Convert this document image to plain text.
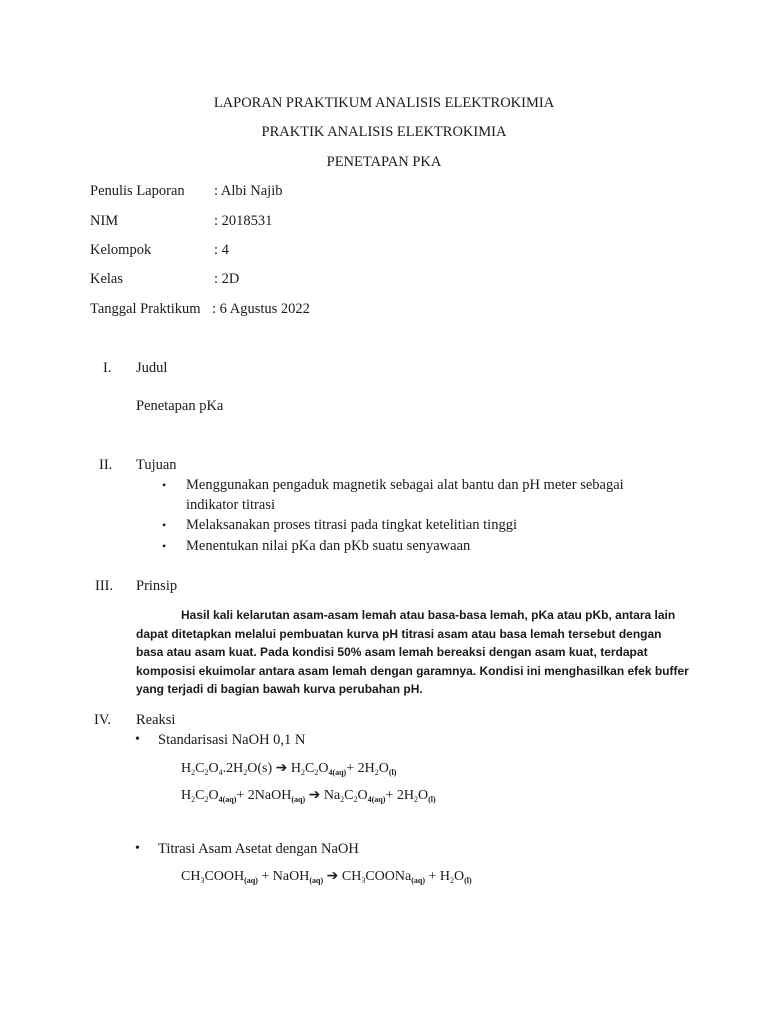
LAPORAN PRAKTIKUM ANALISIS ELEKTROKIMIA
PRAKTIK ANALISIS ELEKTROKIMIA
PENETAPAN PKA
Penulis Laporan : Albi Najib
NIM	: 2018531
Kelompok	: 4
Kelas	: 2D
Tanggal Praktikum : 6 Agustus 2022
I. Judul
Penetapan pKa
II. Tujuan
• Menggunakan pengaduk magnetik sebagai alat bantu dan pH meter sebagai
indikator titrasi
• Melaksanakan proses titrasi pada tingkat ketelitian tinggi
• Menentukan nilai pKa dan pKb suatu senyawaan
III. Prinsip
Hasil kali kelarutan asam-asam lemah atau basa-basa lemah, pKa atau pKb, antara lain
dapat ditetapkan melalui pembuatan kurva pH titrasi asam atau basa lemah tersebut dengan
basa atau asam kuat. Pada kondisi 50% asam lemah bereaksi dengan asam kuat, terdapat
komposisi ekuimolar antara asam lemah dengan garamnya. Kondisi ini menghasilkan efek buffer
yang terjadi di bagian bawah kurva perubahan pH.
IV. Reaksi
• Standarisasi NaOH 0,1 N
$H_2C_2O_4.2H_2O(s)$ ➔ $H_2C_2O_{4(aq)}+ 2H_2O_{(l)}$
$H_2C_2O_{4(aq)}+$ 2NaOH$_{(aq)}$ ➔ $Na_2C_2O_{4(aq)}+ 2H_2O_{(l)}$
• Titrasi Asam Asetat dengan NaOH
$CH_3COOH_{(aq)}$ + NaOH$_{(aq)}$ ➔ $CH_3COONa_{(aq)} + H_2O_{(l)}$
